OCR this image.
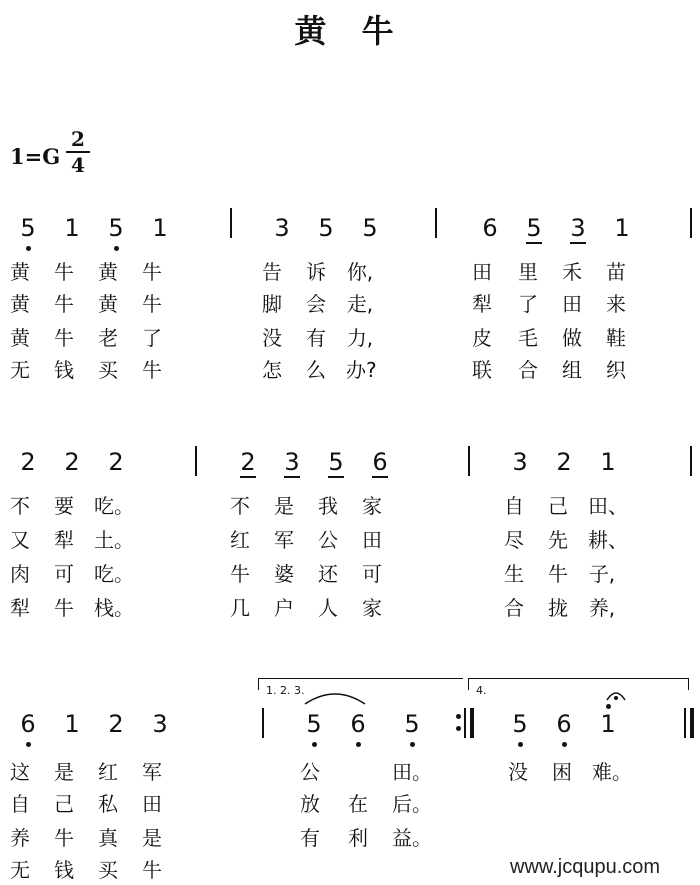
黄 牛
1=G
2
4
5 1 5 1	3 5 5	6 5 3 1
2 2 2	2 3 5 6	3 2 1
6 1 2 3	5 6 5	5 6 1
黄 牛 黄 牛	告 诉 你,	田 里 禾 苗
黄 牛 黄 牛	脚 会 走,	犁 了 田 来
黄 牛 老 了	没 有 力,	皮 毛 做 鞋
无 钱 买 牛	怎 么 办?	联 合 组 织
不 要 吃。	不 是 我 家	自 己 田、
又 犁 土。	红 军 公 田	尽 先 耕、
肉 可 吃。	牛 婆 还 可	生 牛 子,
犁 牛 栈。	几 户 人 家	合 拢 养,
这 是 红 军	公	田。	没 困 难。
自 己 私 田	放 在 后。
养 牛 真 是	有 利 益。
无 钱 买 牛
1. 2. 3.	4.
www.jcqupu.com
